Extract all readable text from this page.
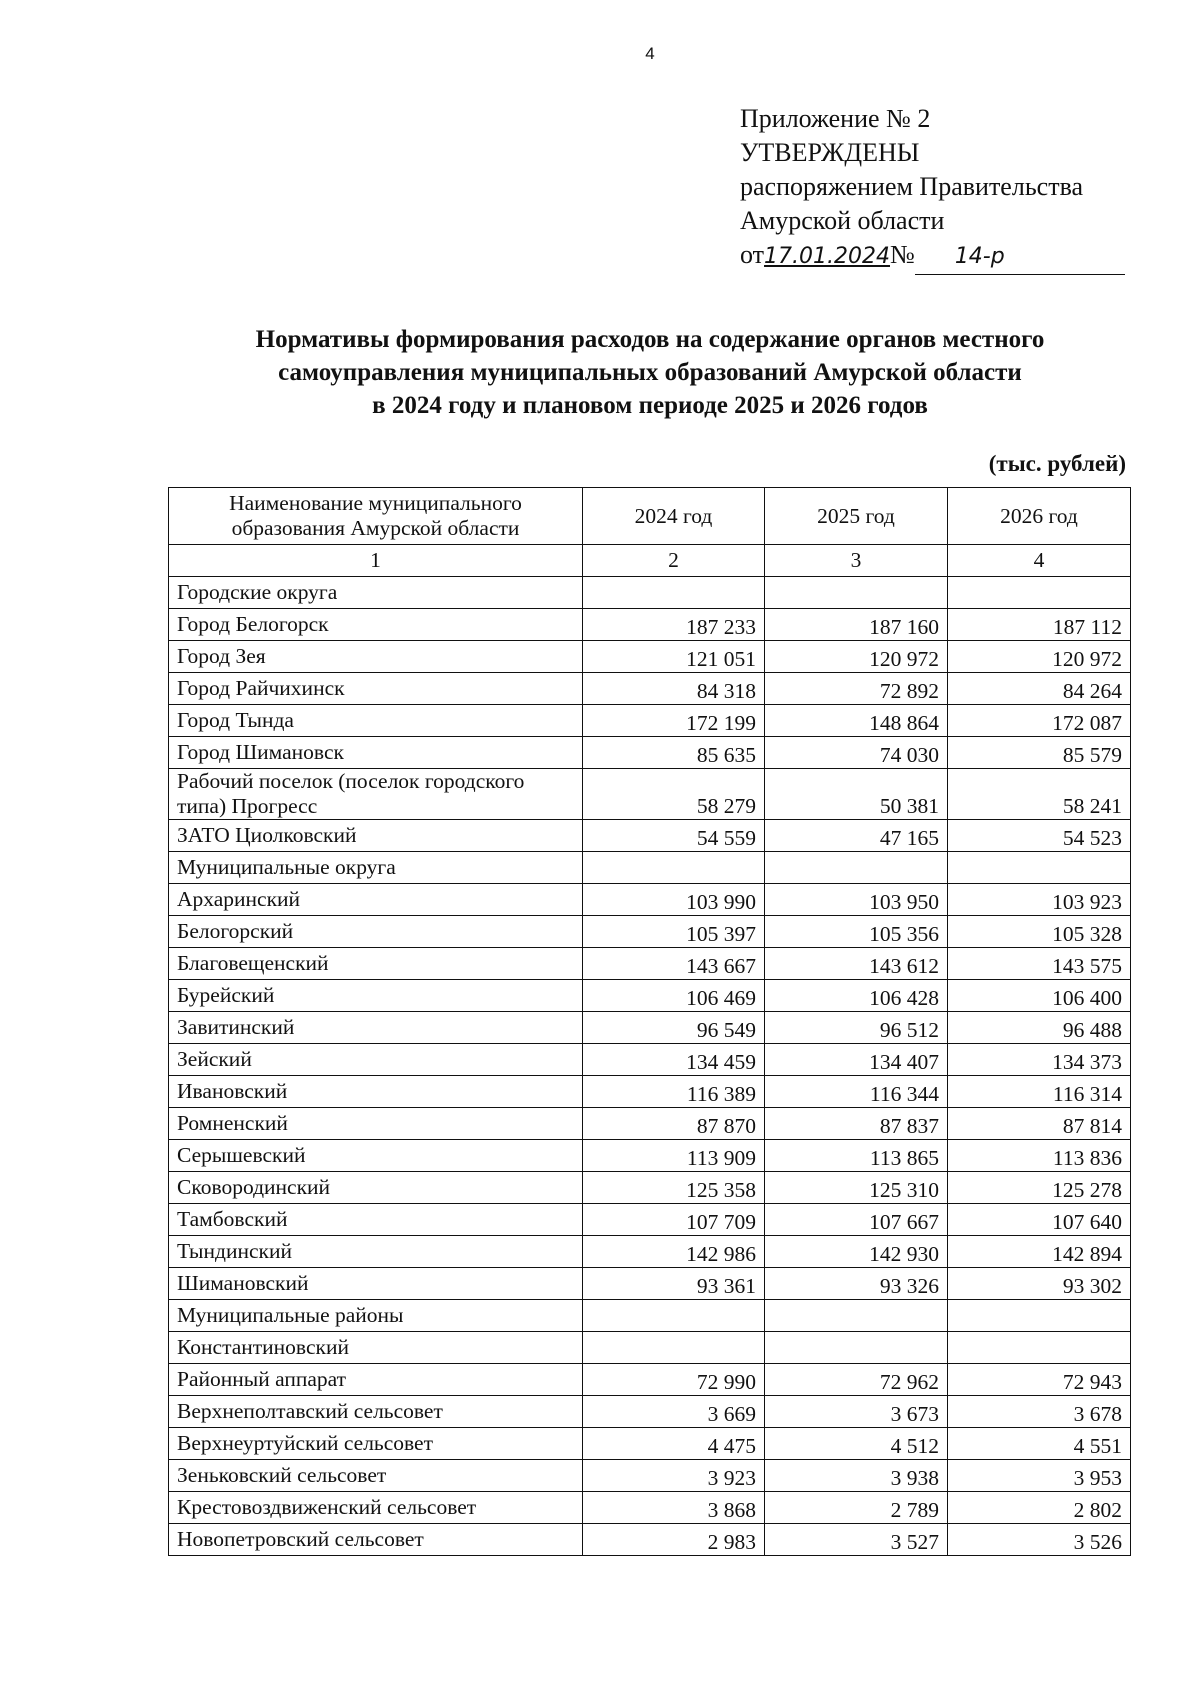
4
Приложение № 2
УТВЕРЖДЕНЫ
распоряжением Правительства
Амурской области
от17.01.2024№ 14-р
Нормативы формирования расходов на содержание органов местного
самоуправления муниципальных образований Амурской области
в 2024 году и плановом периоде 2025 и 2026 годов
(тыс. рублей)
Наименование муниципального образования Амурской области	2024 год	2025 год	2026 год
1	2	3	4
Городские округа			
Город Белогорск	187 233	187 160	187 112
Город Зея	121 051	120 972	120 972
Город Райчихинск	84 318	72 892	84 264
Город Тында	172 199	148 864	172 087
Город Шимановск	85 635	74 030	85 579
Рабочий поселок (поселок городского типа) Прогресс	58 279	50 381	58 241
ЗАТО Циолковский	54 559	47 165	54 523
Муниципальные округа			
Архаринский	103 990	103 950	103 923
Белогорский	105 397	105 356	105 328
Благовещенский	143 667	143 612	143 575
Бурейский	106 469	106 428	106 400
Завитинский	96 549	96 512	96 488
Зейский	134 459	134 407	134 373
Ивановский	116 389	116 344	116 314
Ромненский	87 870	87 837	87 814
Серышевский	113 909	113 865	113 836
Сковородинский	125 358	125 310	125 278
Тамбовский	107 709	107 667	107 640
Тындинский	142 986	142 930	142 894
Шимановский	93 361	93 326	93 302
Муниципальные районы			
Константиновский			
Районный аппарат	72 990	72 962	72 943
Верхнеполтавский сельсовет	3 669	3 673	3 678
Верхнеуртуйский сельсовет	4 475	4 512	4 551
Зеньковский сельсовет	3 923	3 938	3 953
Крестовоздвиженский сельсовет	3 868	2 789	2 802
Новопетровский сельсовет	2 983	3 527	3 526
